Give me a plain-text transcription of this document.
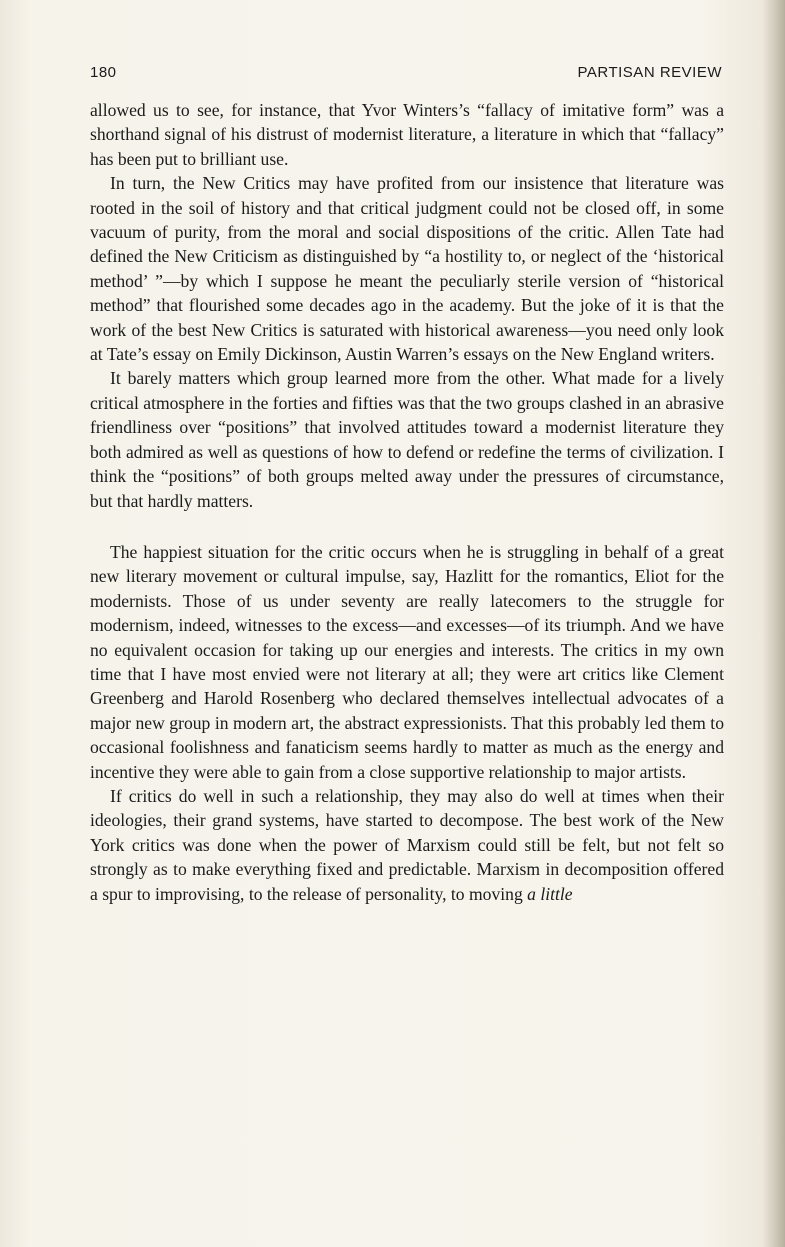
180	PARTISAN REVIEW

allowed us to see, for instance, that Yvor Winters’s “fallacy of imitative form” was a shorthand signal of his distrust of modernist literature, a literature in which that “fallacy” has been put to brilliant use.

In turn, the New Critics may have profited from our insistence that literature was rooted in the soil of history and that critical judgment could not be closed off, in some vacuum of purity, from the moral and social dispositions of the critic. Allen Tate had defined the New Criticism as distinguished by “a hostility to, or neglect of the ‘historical method’ ”—by which I suppose he meant the peculiarly sterile version of “historical method” that flourished some decades ago in the academy. But the joke of it is that the work of the best New Critics is saturated with historical awareness—you need only look at Tate’s essay on Emily Dickinson, Austin Warren’s essays on the New England writers.

It barely matters which group learned more from the other. What made for a lively critical atmosphere in the forties and fifties was that the two groups clashed in an abrasive friendliness over “positions” that involved attitudes toward a modernist literature they both admired as well as questions of how to defend or redefine the terms of civilization. I think the “positions” of both groups melted away under the pressures of circumstance, but that hardly matters.

The happiest situation for the critic occurs when he is struggling in behalf of a great new literary movement or cultural impulse, say, Hazlitt for the romantics, Eliot for the modernists. Those of us under seventy are really latecomers to the struggle for modernism, indeed, witnesses to the excess—and excesses—of its triumph. And we have no equivalent occasion for taking up our energies and interests. The critics in my own time that I have most envied were not literary at all; they were art critics like Clement Greenberg and Harold Rosenberg who declared themselves intellectual advocates of a major new group in modern art, the abstract expressionists. That this probably led them to occasional foolishness and fanaticism seems hardly to matter as much as the energy and incentive they were able to gain from a close supportive relationship to major artists.

If critics do well in such a relationship, they may also do well at times when their ideologies, their grand systems, have started to decompose. The best work of the New York critics was done when the power of Marxism could still be felt, but not felt so strongly as to make everything fixed and predictable. Marxism in decomposition offered a spur to improvising, to the release of personality, to moving a little
